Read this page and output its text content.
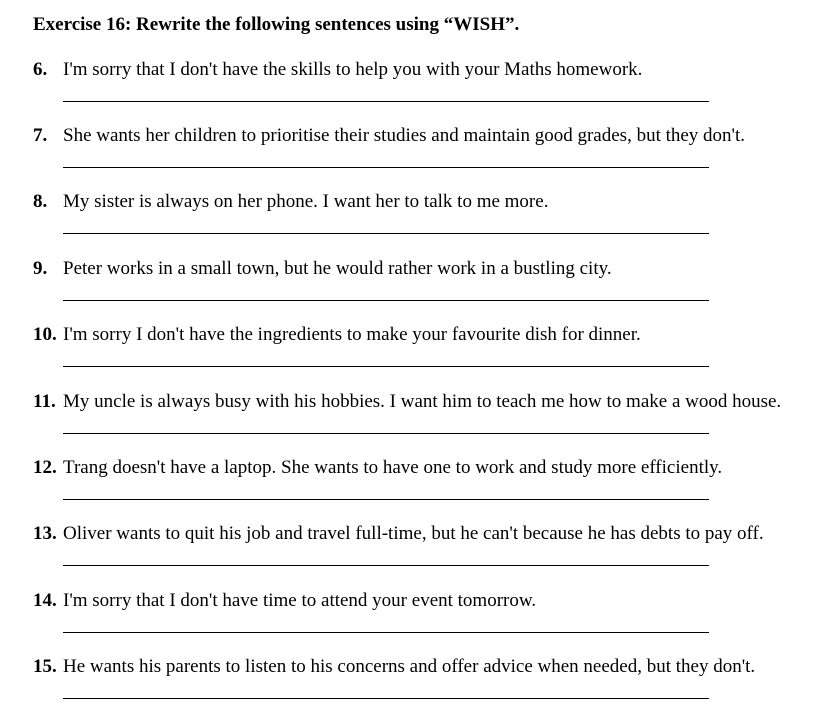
Exercise 16: Rewrite the following sentences using “WISH”.
6. I'm sorry that I don't have the skills to help you with your Maths homework.
7. She wants her children to prioritise their studies and maintain good grades, but they don't.
8. My sister is always on her phone. I want her to talk to me more.
9. Peter works in a small town, but he would rather work in a bustling city.
10. I'm sorry I don't have the ingredients to make your favourite dish for dinner.
11. My uncle is always busy with his hobbies. I want him to teach me how to make a wood house.
12. Trang doesn't have a laptop. She wants to have one to work and study more efficiently.
13. Oliver wants to quit his job and travel full-time, but he can't because he has debts to pay off.
14. I'm sorry that I don't have time to attend your event tomorrow.
15. He wants his parents to listen to his concerns and offer advice when needed, but they don't.
